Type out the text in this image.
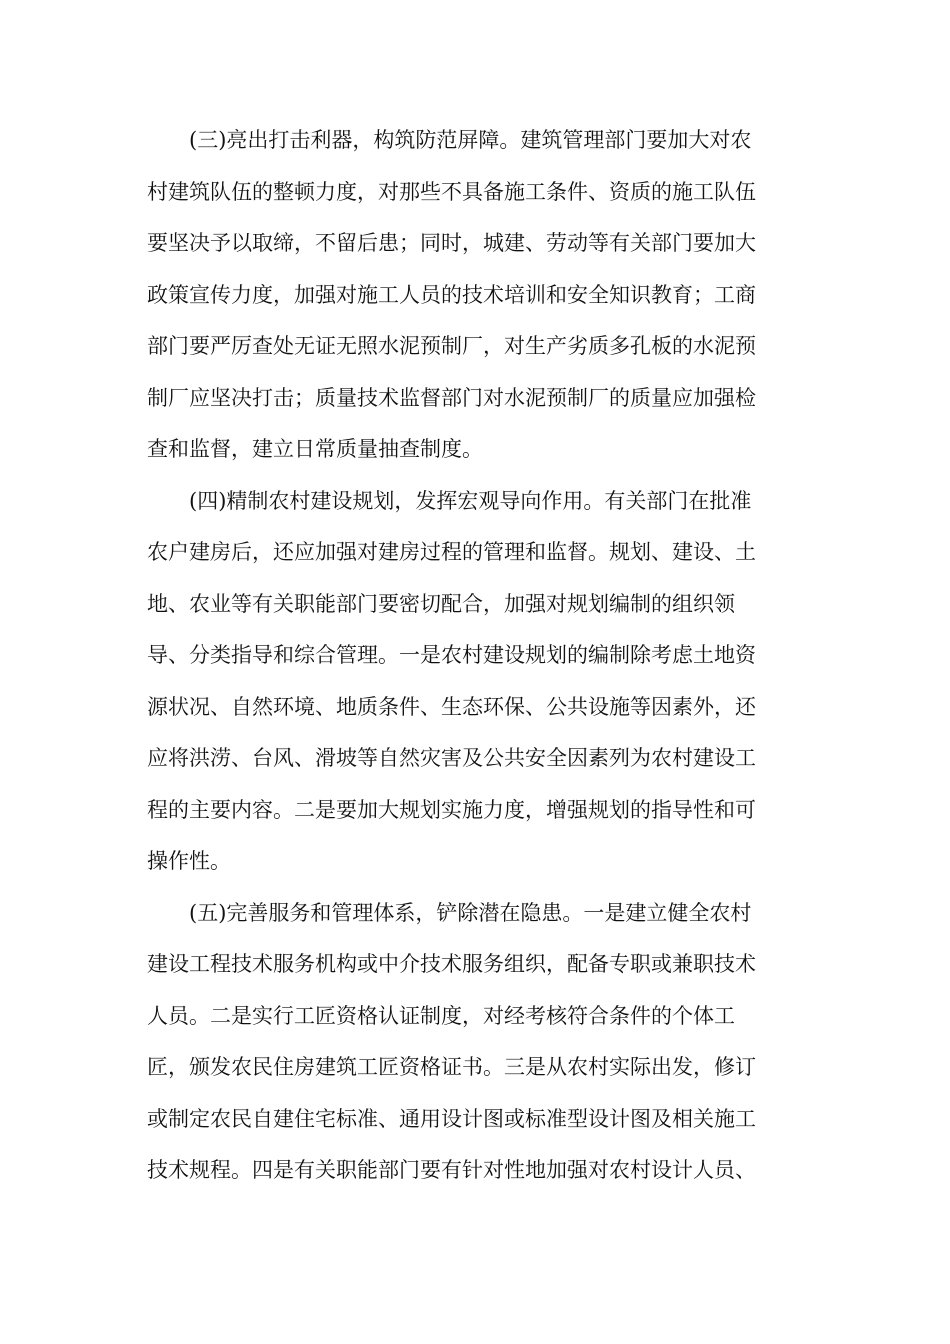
(三)亮出打击利器，构筑防范屏障。建筑管理部门要加大对农
村建筑队伍的整顿力度，对那些不具备施工条件、资质的施工队伍
要坚决予以取缔，不留后患；同时，城建、劳动等有关部门要加大
政策宣传力度，加强对施工人员的技术培训和安全知识教育；工商
部门要严厉查处无证无照水泥预制厂，对生产劣质多孔板的水泥预
制厂应坚决打击；质量技术监督部门对水泥预制厂的质量应加强检
查和监督，建立日常质量抽查制度。
(四)精制农村建设规划，发挥宏观导向作用。有关部门在批准
农户建房后，还应加强对建房过程的管理和监督。规划、建设、土
地、农业等有关职能部门要密切配合，加强对规划编制的组织领
导、分类指导和综合管理。一是农村建设规划的编制除考虑土地资
源状况、自然环境、地质条件、生态环保、公共设施等因素外，还
应将洪涝、台风、滑坡等自然灾害及公共安全因素列为农村建设工
程的主要内容。二是要加大规划实施力度，增强规划的指导性和可
操作性。
(五)完善服务和管理体系，铲除潜在隐患。一是建立健全农村
建设工程技术服务机构或中介技术服务组织，配备专职或兼职技术
人员。二是实行工匠资格认证制度，对经考核符合条件的个体工
匠，颁发农民住房建筑工匠资格证书。三是从农村实际出发，修订
或制定农民自建住宅标准、通用设计图或标准型设计图及相关施工
技术规程。四是有关职能部门要有针对性地加强对农村设计人员、
